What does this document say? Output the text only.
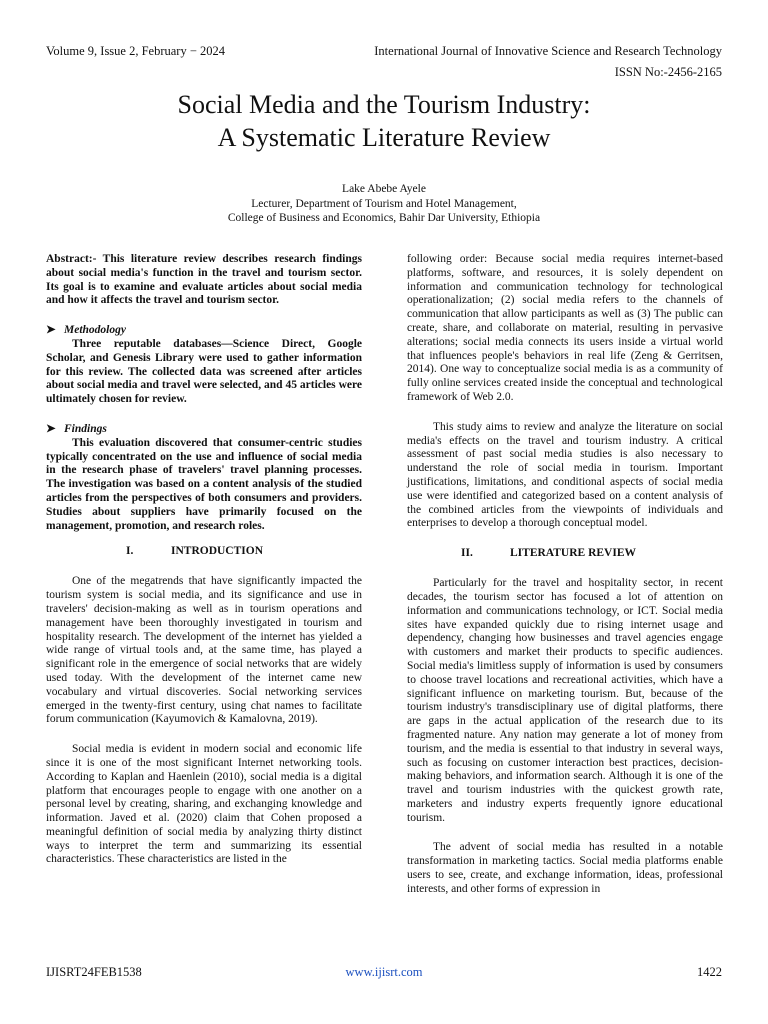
Volume 9, Issue 2, February − 2024	International Journal of Innovative Science and Research Technology
ISSN No:-2456-2165
Social Media and the Tourism Industry:
A Systematic Literature Review
Lake Abebe Ayele
Lecturer, Department of Tourism and Hotel Management,
College of Business and Economics, Bahir Dar University, Ethiopia

Abstract:- This literature review describes research findings about social media's function in the travel and tourism sector. Its goal is to examine and evaluate articles about social media and how it affects the travel and tourism sector.

➤ Methodology

Three reputable databases—Science Direct, Google Scholar, and Genesis Library were used to gather information for this review. The collected data was screened after articles about social media and travel were selected, and 45 articles were ultimately chosen for review.

➤ Findings

This evaluation discovered that consumer-centric studies typically concentrated on the use and influence of social media in the research phase of travelers' travel planning processes. The investigation was based on a content analysis of the studied articles from the perspectives of both consumers and providers. Studies about suppliers have primarily focused on the management, promotion, and research roles.

I.	INTRODUCTION

One of the megatrends that have significantly impacted the tourism system is social media, and its significance and use in travelers' decision-making as well as in tourism operations and management have been thoroughly investigated in tourism and hospitality research. The development of the internet has yielded a wide range of virtual tools and, at the same time, has played a significant role in the emergence of social networks that are widely used today. With the development of the internet came new vocabulary and virtual discoveries. Social networking services emerged in the twenty-first century, using chat names to facilitate forum communication (Kayumovich & Kamalovna, 2019).

Social media is evident in modern social and economic life since it is one of the most significant Internet networking tools. According to Kaplan and Haenlein (2010), social media is a digital platform that encourages people to engage with one another on a personal level by creating, sharing, and exchanging knowledge and information. Javed et al. (2020) claim that Cohen proposed a meaningful definition of social media by analyzing thirty distinct ways to interpret the term and summarizing its essential characteristics. These characteristics are listed in the

following order: Because social media requires internet-based platforms, software, and resources, it is solely dependent on information and communication technology for technological operationalization; (2) social media refers to the channels of communication that allow participants as well as (3) The public can create, share, and collaborate on material, resulting in pervasive alterations; social media connects its users inside a virtual world that influences people's behaviors in real life (Zeng & Gerritsen, 2014). One way to conceptualize social media is as a community of fully online services created inside the conceptual and technological framework of Web 2.0.

This study aims to review and analyze the literature on social media's effects on the travel and tourism industry. A critical assessment of past social media studies is also necessary to understand the role of social media in tourism. Important justifications, limitations, and conditional aspects of social media use were identified and categorized based on a content analysis of the combined articles from the viewpoints of individuals and enterprises to develop a thorough conceptual model.

II.	LITERATURE REVIEW

Particularly for the travel and hospitality sector, in recent decades, the tourism sector has focused a lot of attention on information and communications technology, or ICT. Social media sites have expanded quickly due to rising internet usage and dependency, changing how businesses and travel agencies engage with customers and market their products to specific audiences. Social media's limitless supply of information is used by consumers to choose travel locations and recreational activities, which have a significant influence on marketing tourism. But, because of the tourism industry's transdisciplinary use of digital platforms, there are gaps in the actual application of the research due to its fragmented nature. Any nation may generate a lot of money from tourism, and the media is essential to that industry in several ways, such as focusing on customer interaction best practices, decision-making behaviors, and information search. Although it is one of the travel and tourism industries with the quickest growth rate, marketers and industry experts frequently ignore educational tourism.

The advent of social media has resulted in a notable transformation in marketing tactics. Social media platforms enable users to see, create, and exchange information, ideas, professional interests, and other forms of expression in

IJISRT24FEB1538	www.ijisrt.com	1422
